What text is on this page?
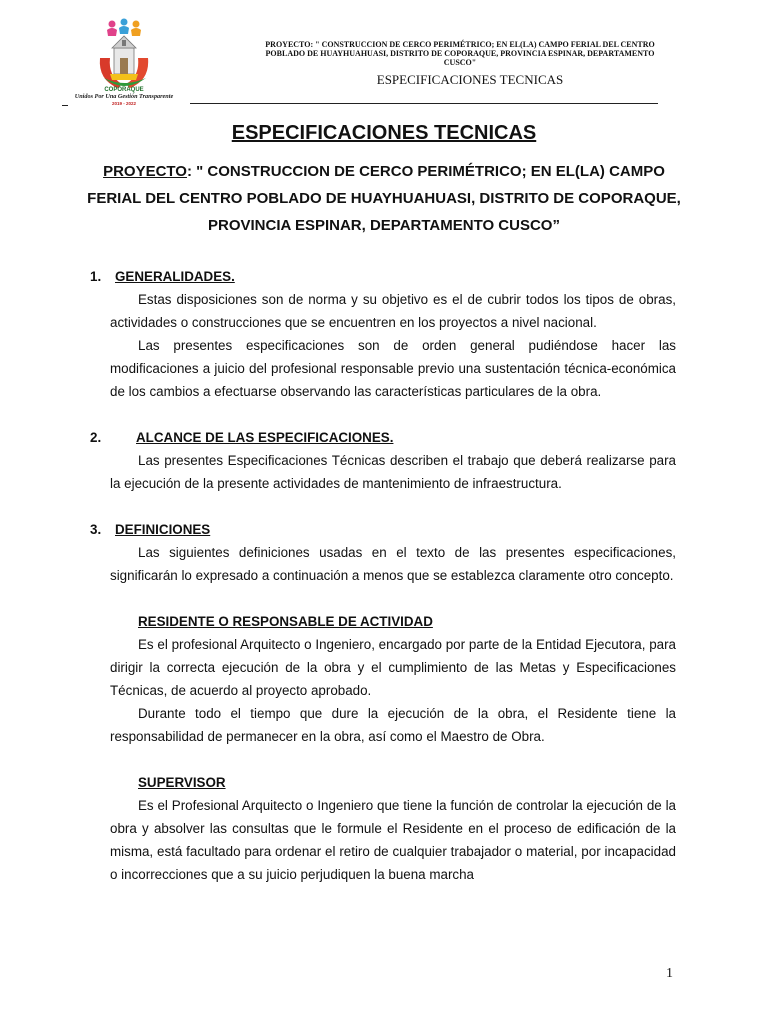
COPORAQUE
Unidos Por Una Gestión Transparente
2019 - 2022
PROYECTO: " CONSTRUCCION DE CERCO PERIMÉTRICO; EN EL(LA) CAMPO FERIAL DEL CENTRO POBLADO DE HUAYHUAHUASI, DISTRITO DE COPORAQUE, PROVINCIA ESPINAR, DEPARTAMENTO CUSCO"
ESPECIFICACIONES TECNICAS
ESPECIFICACIONES TECNICAS
PROYECTO: " CONSTRUCCION DE CERCO PERIMÉTRICO; EN EL(LA) CAMPO FERIAL DEL CENTRO POBLADO DE HUAYHUAHUASI, DISTRITO DE COPORAQUE, PROVINCIA ESPINAR, DEPARTAMENTO CUSCO”
1. GENERALIDADES.

Estas disposiciones son de norma y su objetivo es el de cubrir todos los tipos de obras, actividades o construcciones que se encuentren en los proyectos a nivel nacional.

Las presentes especificaciones son de orden general pudiéndose hacer las modificaciones a juicio del profesional responsable previo una sustentación técnica-económica de los cambios a efectuarse observando las características particulares de la obra.

2.	ALCANCE DE LAS ESPECIFICACIONES.

Las presentes Especificaciones Técnicas describen el trabajo que deberá realizarse para la ejecución de la presente actividades de mantenimiento de infraestructura.

3. DEFINICIONES

Las siguientes definiciones usadas en el texto de las presentes especificaciones, significarán lo expresado a continuación a menos que se establezca claramente otro concepto.

RESIDENTE O RESPONSABLE DE ACTIVIDAD

Es el profesional Arquitecto o Ingeniero, encargado por parte de la Entidad Ejecutora, para dirigir la correcta ejecución de la obra y el cumplimiento de las Metas y Especificaciones Técnicas, de acuerdo al proyecto aprobado.

Durante todo el tiempo que dure la ejecución de la obra, el Residente tiene la responsabilidad de permanecer en la obra, así como el Maestro de Obra.

SUPERVISOR

Es el Profesional Arquitecto o Ingeniero que tiene la función de controlar la ejecución de la obra y absolver las consultas que le formule el Residente en el proceso de edificación de la misma, está facultado para ordenar el retiro de cualquier trabajador o material, por incapacidad o incorrecciones que a su juicio perjudiquen la buena marcha

1
